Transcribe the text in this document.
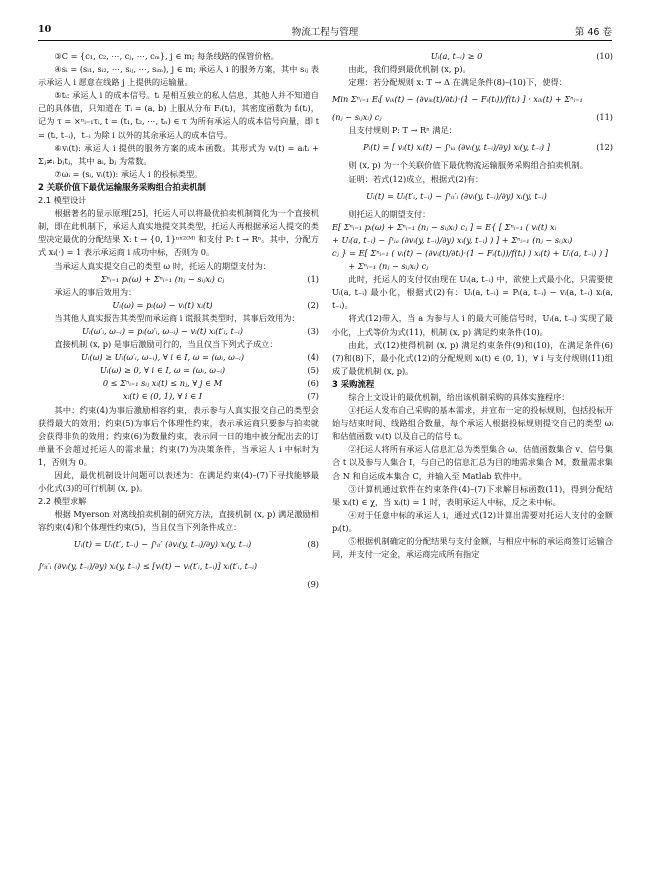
10	物流工程与管理	第 46 卷

③C = {c₁, c₂, ⋯, cⱼ, ⋯, cₘ}, j ∈ m; 每条线路的保管价格。

④sᵢ = (sᵢ₁, sᵢ₂, ⋯, sᵢⱼ, ⋯, sᵢₘ), j ∈ m; 承运人 i 的服务方案，其中 sᵢⱼ 表示承运人 i 愿意在线路 j 上提供的运输量。

⑤tᵢ: 承运人 i 的成本信号。tᵢ 是相互独立的私人信息，其他人并不知道自己的具体值，只知道在 Tᵢ = (a, b) 上服从分布 Fᵢ(tᵢ)，其密度函数为 fᵢ(tᵢ)，记为 τ = ×ⁿᵢ₌₁τᵢ, t = (t₁, t₂, ⋯, tₙ) ∈ τ 为所有承运人的成本信号向量，即 t = (tᵢ, t₋ᵢ)，t₋ᵢ 为除 i 以外的其余承运人的成本信号。

⑥vᵢ(t): 承运人 i 提供的服务方案的成本函数。其形式为 vᵢ(t) = aᵢtᵢ + Σⱼ≠ᵢ bⱼtⱼ，其中 aᵢ, bⱼ 为常数。

⑦ωᵢ = (sᵢ, vᵢ(t)): 承运人 i 的投标类型。

2 关联价值下最优运输服务采购组合拍卖机制

2.1 模型设计

根据著名的显示原理[25]，托运人可以将最优拍卖机制简化为一个直接机制，即在此机制下，承运人真实地提交其类型，托运人再根据承运人提交的类型决定最优的分配结果 X: t → {0, 1}ⁿˣ²⁽ᴹ⁾ 和支付 P: t → Rⁿ。其中，分配方式 xᵢ(·) = 1 表示承运商 i 成功中标，否则为 0。

当承运人真实提交自己的类型 ω 时，托运人的期望支付为：

Σⁿᵢ₌₁ pᵢ(ω) + Σⁿᵢ₌₁ (nⱼ − sᵢⱼxᵢ) cⱼ	(1)

承运人的事后效用为：

Uᵢ(ω) = pᵢ(ω) − vᵢ(t) xᵢ(t)	(2)

当其他人真实报告其类型而承运商 i 谎报其类型时，其事后效用为：

Uᵢ(ω′ᵢ, ω₋ᵢ) = pᵢ(ω′ᵢ, ω₋ᵢ) − vᵢ(t) xᵢ(t′ᵢ, t₋ᵢ)	(3)

直接机制 (x, p) 是事后激励可行的，当且仅当下列式子成立：

Uᵢ(ω) ≥ Uᵢ(ω′ᵢ, ω₋ᵢ), ∀ i ∈ I, ω = (ωᵢ, ω₋ᵢ)	(4)
Uᵢ(ω) ≥ 0, ∀ i ∈ I, ω = (ωᵢ, ω₋ᵢ)	(5)
0 ≤ Σⁿᵢ₌₁ sᵢⱼ xᵢ(t) ≤ nⱼ, ∀ j ∈ M	(6)
xᵢ(t) ∈ (0, 1), ∀ i ∈ I	(7)

其中：约束(4)为事后激励相容约束，表示参与人真实报交自己的类型会获得最大的效用；约束(5)为事后个体理性约束，表示承运商只要参与拍卖就会获得非负的效用；约束(6)为数量约束，表示同一日的地中被分配出去的订单量不会超过托运人的需求量；约束(7)为决策条件，当承运人 i 中标时为 1，否则为 0。

因此，最优机制设计问题可以表述为：在满足约束(4)–(7)下寻找能够最小化式(3)的可行机制 (x, p)。

2.2 模型求解

根据 Myerson 对离线拍卖机制的研究方法，直接机制 (x, p) 满足激励相容约束(4)和个体理性约束(5)，当且仅当下列条件成立：

Uᵢ(t) = Uᵢ(t′, t₋ᵢ) − ∫ᵗᵢₜ′ (∂vᵢ(y, t₋ᵢ)/∂y) xᵢ(y, t₋ᵢ)	(8)
∫ᵗᵢₜ′ᵢ (∂vᵢ(y, t₋ᵢ)/∂y) xᵢ(y, t₋ᵢ) ≤ [vᵢ(t) − vᵢ(t′ᵢ, t₋ᵢ)] xᵢ(t′ᵢ, t₋ᵢ)
(9)
Uᵢ(a, t₋ᵢ) ≥ 0	(10)

由此，我们得到最优机制 (x, p)。

定理：若分配规则 x: T → Δ 在满足条件(8)–(10)下，使得：

Min Σⁿᵢ₌₁ Eᵢ[ vᵢₖ(t) − (∂vᵢₖ(t)/∂tᵢ)·(1 − Fᵢ(tᵢ))/f(tᵢ) ] · xᵢₖ(t) + Σⁿᵢ₌₁
(nⱼ − sᵢⱼxᵢ) cⱼ	(11)

且支付规则 P: T → Rⁿ 满足：

Pᵢ(t) = [ vᵢ(t) xᵢ(t) − ∫ᵗᵢₐ (∂vᵢ(y, t₋ᵢ)/∂y) xᵢ(y, t₋ᵢ) ]	(12)

则 (x, p) 为一个关联价值下最优物流运输服务采购组合拍卖机制。

证明：若式(12)成立，根据式(2)有：

Uᵢ(t) = Uᵢ(t′ᵢ, t₋ᵢ) − ∫ᵗᵢₜ′ᵢ (∂vᵢ(y, t₋ᵢ)/∂y) xᵢ(y, t₋ᵢ)

则托运人的期望支付：

E[ Σⁿᵢ₌₁ pᵢ(ω) + Σⁿᵢ₌₁ (nⱼ − sᵢⱼxᵢ) cⱼ ] = E{ [ Σⁿᵢ₌₁ ( vᵢ(t) xᵢ

+ Uᵢ(a, t₋ᵢ) − ∫ᵗᵢₐ (∂vᵢ(y, t₋ᵢ)/∂y) xᵢ(y, t₋ᵢ) ) ] + Σⁿᵢ₌₁ (nⱼ − sᵢⱼxᵢ)

cⱼ } = E[ Σⁿᵢ₌₁ ( vᵢ(t) − (∂vᵢ(t)/∂tᵢ)·(1 − Fᵢ(tᵢ))/f(tᵢ) ) xᵢ(t) + Uᵢ(a, t₋ᵢ) ) ]

+ Σⁿᵢ₌₁ (nⱼ − sᵢⱼxᵢ) cⱼ

此时，托运人的支付仅由现在 Uᵢ(a, t₋ᵢ) 中，欲使上式最小化，只需要使 Uᵢ(a, t₋ᵢ) 最小化，根据式(2)有：Uᵢ(a, t₋ᵢ) = Pᵢ(a, t₋ᵢ) − vᵢ(a, t₋ᵢ) xᵢ(a, t₋ᵢ)。

将式(12)带入，当 a 为参与人 i 的最大可能信号时，Uᵢ(a, t₋ᵢ) 实现了最小化，上式等价为式(11)，机制 (x, p) 满足约束条件(10)。

由此，式(12)使得机制 (x, p) 满足约束条件(9)和(10)，在满足条件(6)(7)和(8)下，最小化式(12)的分配规则 xᵢ(t) ∈ (0, 1)，∀ i 与支付规则(11)组成了最优机制 (x, p)。

3 采购流程

综合上文设计的最优机制，给出该机制采购的具体实施程序：

①托运人发布自己采购的基本需求，并宣布一定的投标规则，包括投标开始与结束时间、线路组合数量，每个承运人根据投标规则提交自己的类型 ωᵢ 和估值函数 vᵢ(t) 以及自己的信号 tᵢ。

②托运人将所有承运人信息汇总为类型集合 ω、估值函数集合 v、信号集合 t 以及参与人集合 I，与自己的信息汇总为目的地需求集合 M，数量需求集合 N 和自运成本集合 C，并输入至 Matlab 软件中。

③计算机通过软件在约束条件(4)–(7)下求解目标函数(11)，得到分配结果 xᵢ(t) ∈ χ，当 xᵢ(t) = 1 时，表明承运人中标，反之未中标。

④对于任意中标的承运人 i，通过式(12)计算出需要对托运人支付的金额 pᵢ(t)。

⑤根据机制确定的分配结果与支付金额，与相应中标的承运商签订运输合同，并支付一定金，承运商完成所有指定
